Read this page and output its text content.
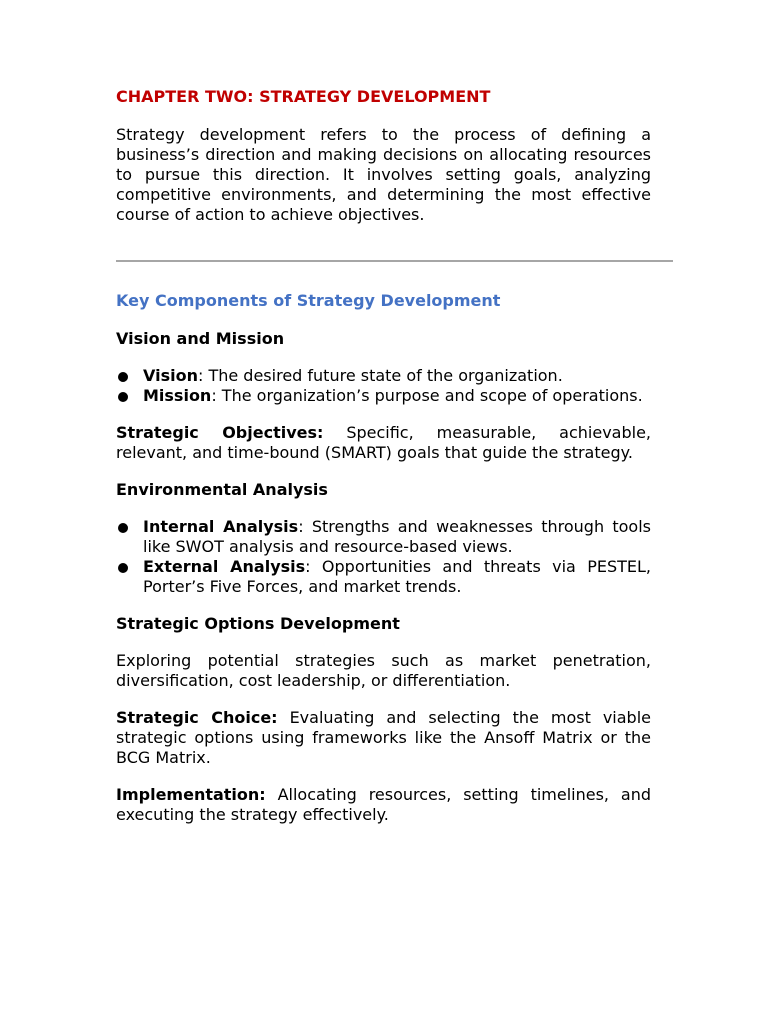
CHAPTER TWO: STRATEGY DEVELOPMENT

Strategy development refers to the process of defining a business’s direction and making decisions on allocating resources to pursue this direction. It involves setting goals, analyzing competitive environments, and determining the most effective course of action to achieve objectives.

Key Components of Strategy Development
Vision and Mission
Vision: The desired future state of the organization.
Mission: The organization’s purpose and scope of operations.

Strategic Objectives: Specific, measurable, achievable, relevant, and time-bound (SMART) goals that guide the strategy.

Environmental Analysis
Internal Analysis: Strengths and weaknesses through tools like SWOT analysis and resource-based views.
External Analysis: Opportunities and threats via PESTEL, Porter’s Five Forces, and market trends.
Strategic Options Development

Exploring potential strategies such as market penetration, diversification, cost leadership, or differentiation.

Strategic Choice: Evaluating and selecting the most viable strategic options using frameworks like the Ansoff Matrix or the BCG Matrix.

Implementation: Allocating resources, setting timelines, and executing the strategy effectively.
